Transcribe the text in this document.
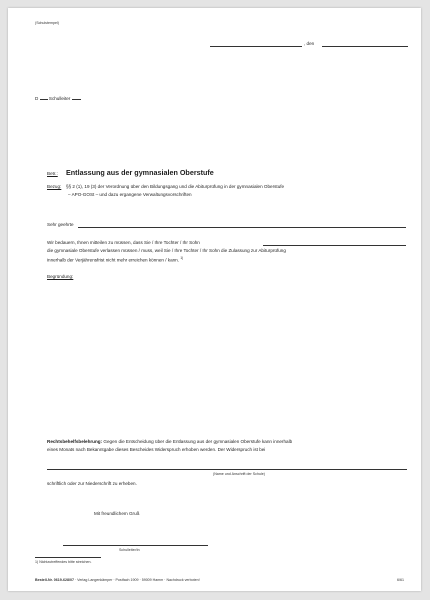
(Schulstempel)
, den
D Schulleiter
Betr.: Entlassung aus der gymnasialen Oberstufe
Bezug: §§ 2 (1), 19 (3) der Verordnung über den Bildungsgang und die Abiturprüfung in der gymnasialen Oberstufe
– APO-GOSt – und dazu ergangene Verwaltungsvorschriften
Sehr geehrte
Wir bedauern, Ihnen mitteilen zu müssen, dass Sie / Ihre Tochter / Ihr Sohn
die gymnasiale Oberstufe verlassen müssen / muss, weil Sie / Ihre Tochter / Ihr Sohn die Zulassung zur Abiturprüfung
innerhalb der Verjährensfrist nicht mehr erreichen können / kann. $^{1)}$
Begründung:
Rechtsbehelfsbelehrung: Gegen die Entscheidung über die Entlassung aus der gymnasialen Oberstufe kann innerhalb
eines Monats nach Bekanntgabe dieses Bescheides Widerspruch erhoben werden. Der Widerspruch ist bei
(Name und Anschrift der Schule)
schriftlich oder zur Niederschrift zu erheben.
Mit freundlichem Gruß
Schulleiter/in
1) Nichtzutreffendes bitte streichen.
Bestell-Nr. 0619-628/07 · Verlag Langenkämper · Postfach 1909 · 59009 Hamm · Nachdruck verboten!	6/61
